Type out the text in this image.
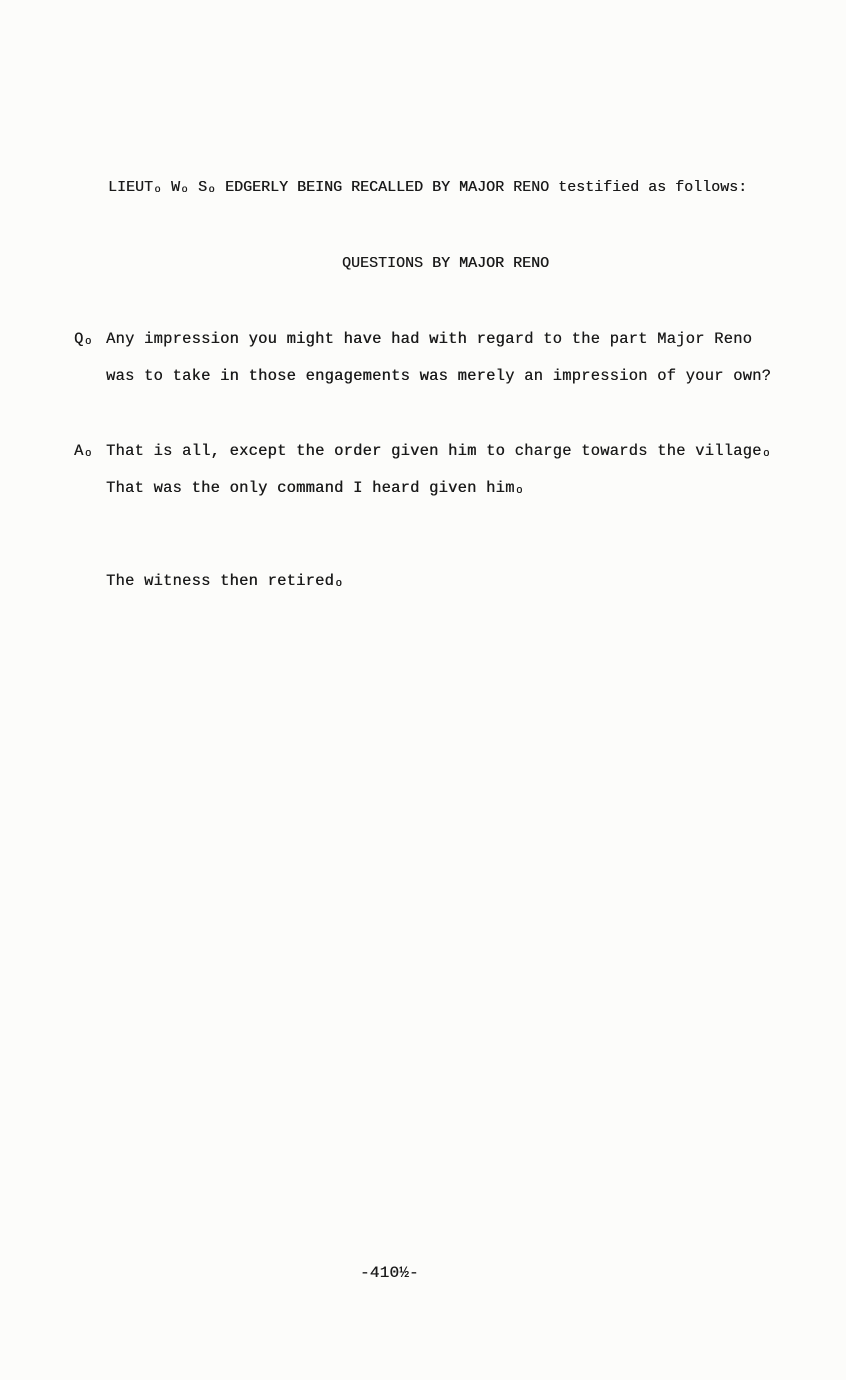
LIEUTₒ Wₒ Sₒ EDGERLY BEING RECALLED BY MAJOR RENO testified as follows:
QUESTIONS BY MAJOR RENO
Qₒ Any impression you might have had with regard to the part Major Reno
was to take in those engagements was merely an impression of your own?
Aₒ That is all, except the order given him to charge towards the villageₒ
That was the only command I heard given himₒ
The witness then retiredₒ
-410½-
